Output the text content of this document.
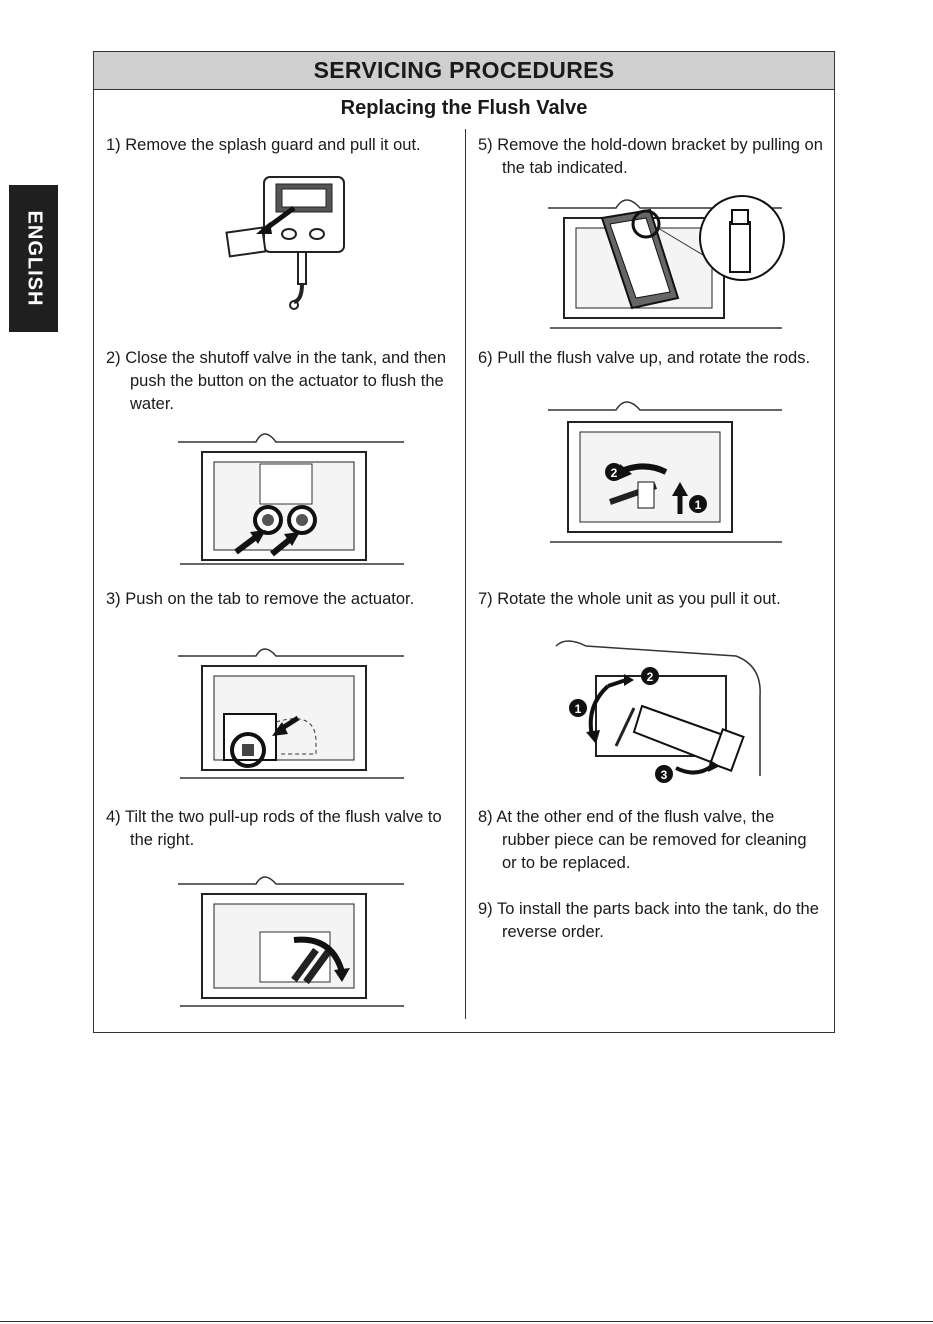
ENGLISH
SERVICING PROCEDURES
Replacing the Flush Valve

1) Remove the splash guard and pull it out.

2) Close the shutoff valve in the tank, and then push the button on the actuator to flush the water.

3) Push on the tab to remove the actuator.

4) Tilt the two pull-up rods of the flush valve to the right.

5) Remove the hold-down bracket by pulling on the tab indicated.

6) Pull the flush valve up, and rotate the rods.

2
1

7) Rotate the whole unit as you pull it out.

1
2
3

8) At the other end of the flush valve, the rubber piece can be removed for cleaning or to be replaced.

9) To install the parts back into the tank, do the reverse order.
